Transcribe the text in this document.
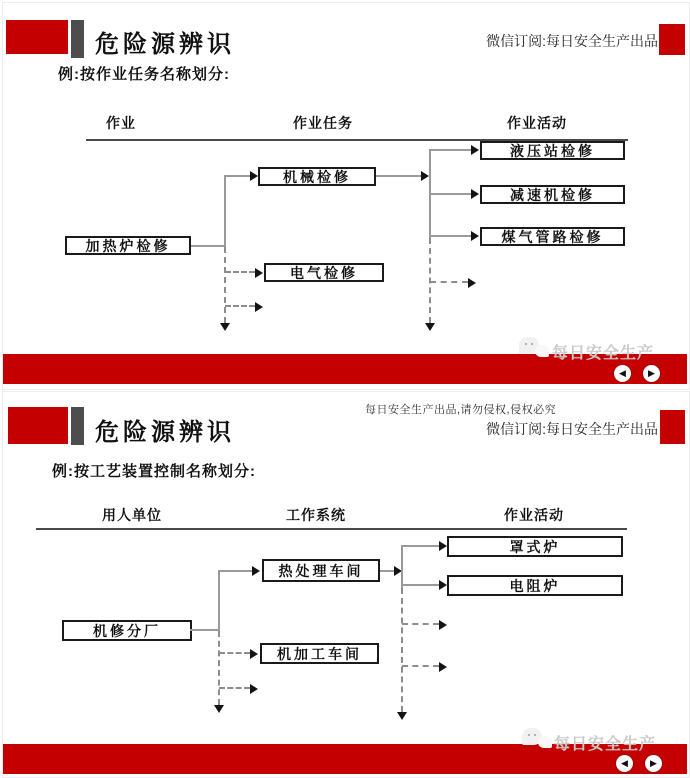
危险源辨识	微信订阅:每日安全生产出品
例:按作业任务名称划分:
作业	作业任务	作业活动
加热炉检修
机械检修
电气检修
液压站检修
减速机检修
煤气管路检修
每日安全生产
◀ ▶
每日安全生产出品,请勿侵权,侵权必究
危险源辨识	微信订阅:每日安全生产出品
例:按工艺装置控制名称划分:
用人单位	工作系统	作业活动
机修分厂
热处理车间
机加工车间
罩式炉
电阻炉
每日安全生产
◀ ▶
